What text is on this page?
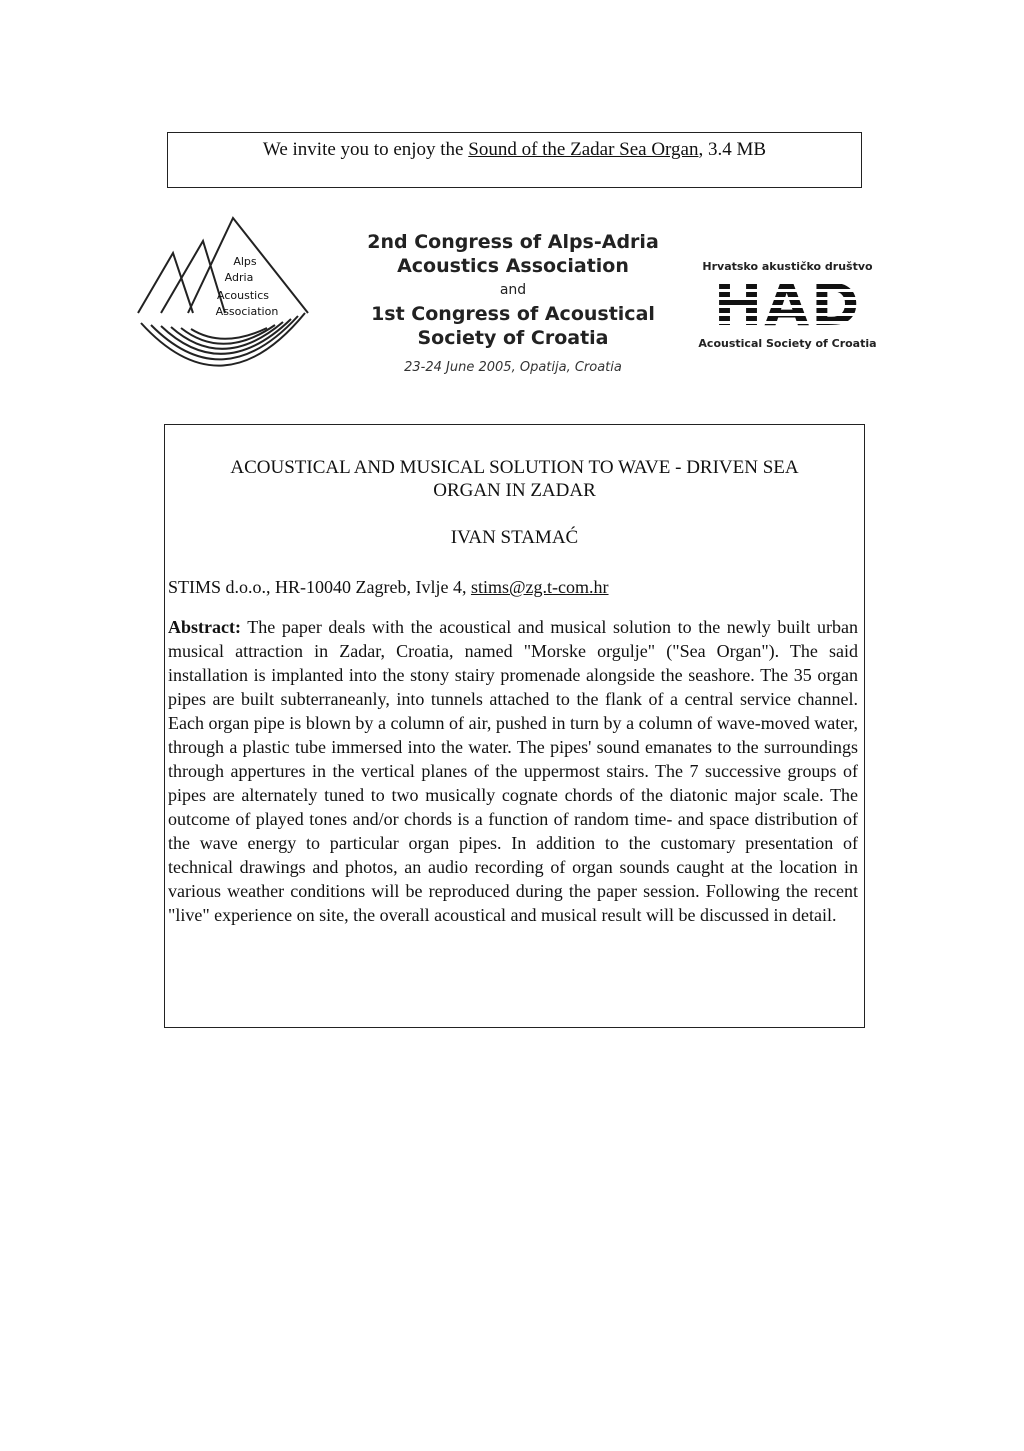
We invite you to enjoy the Sound of the Zadar Sea Organ, 3.4 MB
Alps
Adria
Acoustics
Association
2nd Congress of Alps-Adria
Acoustics Association
and
1st Congress of Acoustical
Society of Croatia
23-24 June 2005, Opatija, Croatia
Hrvatsko akustičko društvo
HAD
Acoustical Society of Croatia
ACOUSTICAL AND MUSICAL SOLUTION TO WAVE - DRIVEN SEA
ORGAN IN ZADAR
IVAN STAMAĆ
STIMS d.o.o., HR-10040 Zagreb, Ivlje 4, stims@zg.t-com.hr

Abstract: The paper deals with the acoustical and musical solution to the newly built urban musical attraction in Zadar, Croatia, named "Morske orgulje" ("Sea Organ"). The said installation is implanted into the stony stairy promenade alongside the seashore. The 35 organ pipes are built subterraneanly, into tunnels attached to the flank of a central service channel. Each organ pipe is blown by a column of air, pushed in turn by a column of wave-moved water, through a plastic tube immersed into the water. The pipes' sound emanates to the surroundings through appertures in the vertical planes of the uppermost stairs. The 7 successive groups of pipes are alternately tuned to two musically cognate chords of the diatonic major scale. The outcome of played tones and/or chords is a function of random time- and space distribution of the wave energy to particular organ pipes. In addition to the customary presentation of technical drawings and photos, an audio recording of organ sounds caught at the location in various weather conditions will be reproduced during the paper session. Following the recent "live" experience on site, the overall acoustical and musical result will be discussed in detail.
